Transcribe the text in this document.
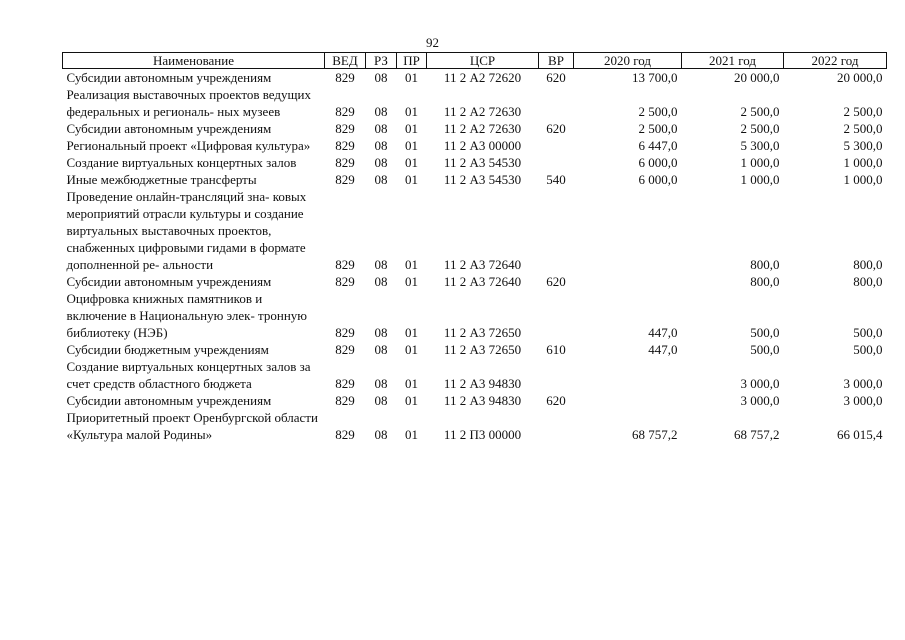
92
Наименование	ВЕД	РЗ	ПР	ЦСР	ВР	2020 год	2021 год	2022 год
Субсидии автономным учреждениям	829	08	01	11 2 А2 72620	620	13 700,0	20 000,0	20 000,0
Реализация выставочных проектов ведущих федеральных и региональ- ных музеев	829	08	01	11 2 А2 72630		2 500,0	2 500,0	2 500,0
Субсидии автономным учреждениям	829	08	01	11 2 А2 72630	620	2 500,0	2 500,0	2 500,0
Региональный проект «Цифровая культура»	829	08	01	11 2 А3 00000		6 447,0	5 300,0	5 300,0
Создание виртуальных концертных залов	829	08	01	11 2 А3 54530		6 000,0	1 000,0	1 000,0
Иные межбюджетные трансферты	829	08	01	11 2 А3 54530	540	6 000,0	1 000,0	1 000,0
Проведение онлайн-трансляций зна- ковых мероприятий отрасли культуры и создание виртуальных выставочных проектов, снабженных цифровыми гидами в формате дополненной ре- альности	829	08	01	11 2 А3 72640			800,0	800,0
Субсидии автономным учреждениям	829	08	01	11 2 А3 72640	620		800,0	800,0
Оцифровка книжных памятников и включение в Национальную элек- тронную библиотеку (НЭБ)	829	08	01	11 2 А3 72650		447,0	500,0	500,0
Субсидии бюджетным учреждениям	829	08	01	11 2 А3 72650	610	447,0	500,0	500,0
Создание виртуальных концертных залов за счет средств областного бюджета	829	08	01	11 2 А3 94830			3 000,0	3 000,0
Субсидии автономным учреждениям	829	08	01	11 2 А3 94830	620		3 000,0	3 000,0
Приоритетный проект Оренбургской области «Культура малой Родины»	829	08	01	11 2 П3 00000		68 757,2	68 757,2	66 015,4
